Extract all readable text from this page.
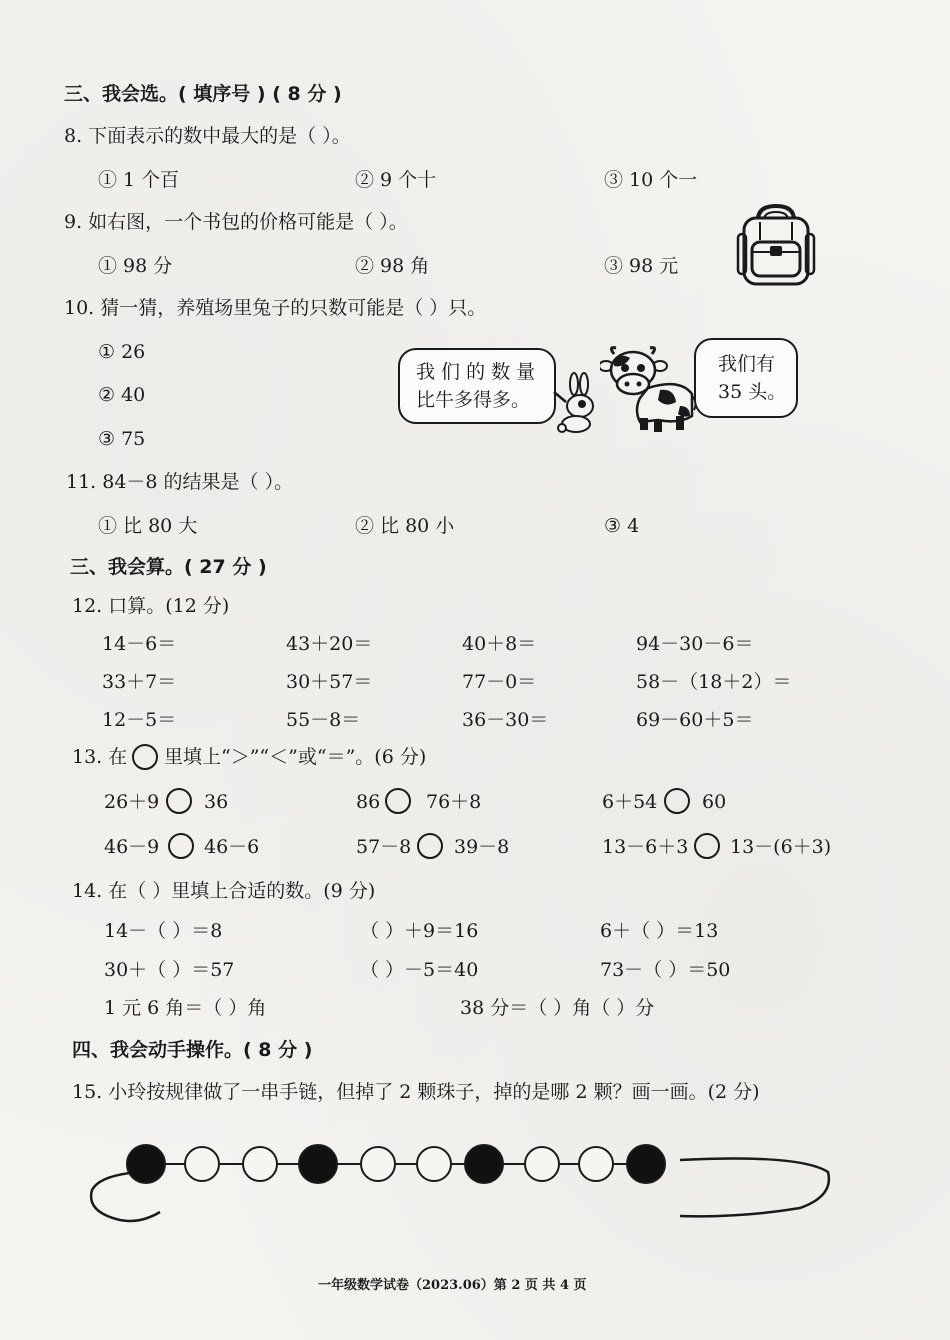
三、我会选。( 填序号 ) ( 8 分 )
8. 下面表示的数中最大的是（ ）。
① 1 个百	② 9 个十	③ 10 个一
9. 如右图，一个书包的价格可能是（ ）。
① 98 分	② 98 角	③ 98 元
10. 猜一猜，养殖场里兔子的只数可能是（ ）只。
① 26
② 40
③ 75
我 们 的 数 量
比牛多得多。
我们有
35 头。
11. 84－8 的结果是（ ）。
① 比 80 大	② 比 80 小	③ 4
三、我会算。( 27 分 )
12. 口算。(12 分)
14－6＝	43＋20＝	40＋8＝	94－30－6＝
33＋7＝	30＋57＝	77－0＝	58－（18＋2）＝
12－5＝	55－8＝	36－30＝	69－60＋5＝
13. 在 里填上“＞”“＜”或“＝”。(6 分)
26＋9 36	86 76＋8	6＋54 60
46－9 46－6	57－8 39－8	13－6＋3 13－(6＋3)
14. 在（ ）里填上合适的数。(9 分)
14－（ ）＝8	（ ）＋9＝16	6＋（ ）＝13
30＋（ ）＝57	（ ）－5＝40	73－（ ）＝50
1 元 6 角＝（ ）角	38 分＝（ ）角（ ）分
四、我会动手操作。( 8 分 )
15. 小玲按规律做了一串手链，但掉了 2 颗珠子，掉的是哪 2 颗？画一画。(2 分)
一年级数学试卷（2023.06）第 2 页 共 4 页
